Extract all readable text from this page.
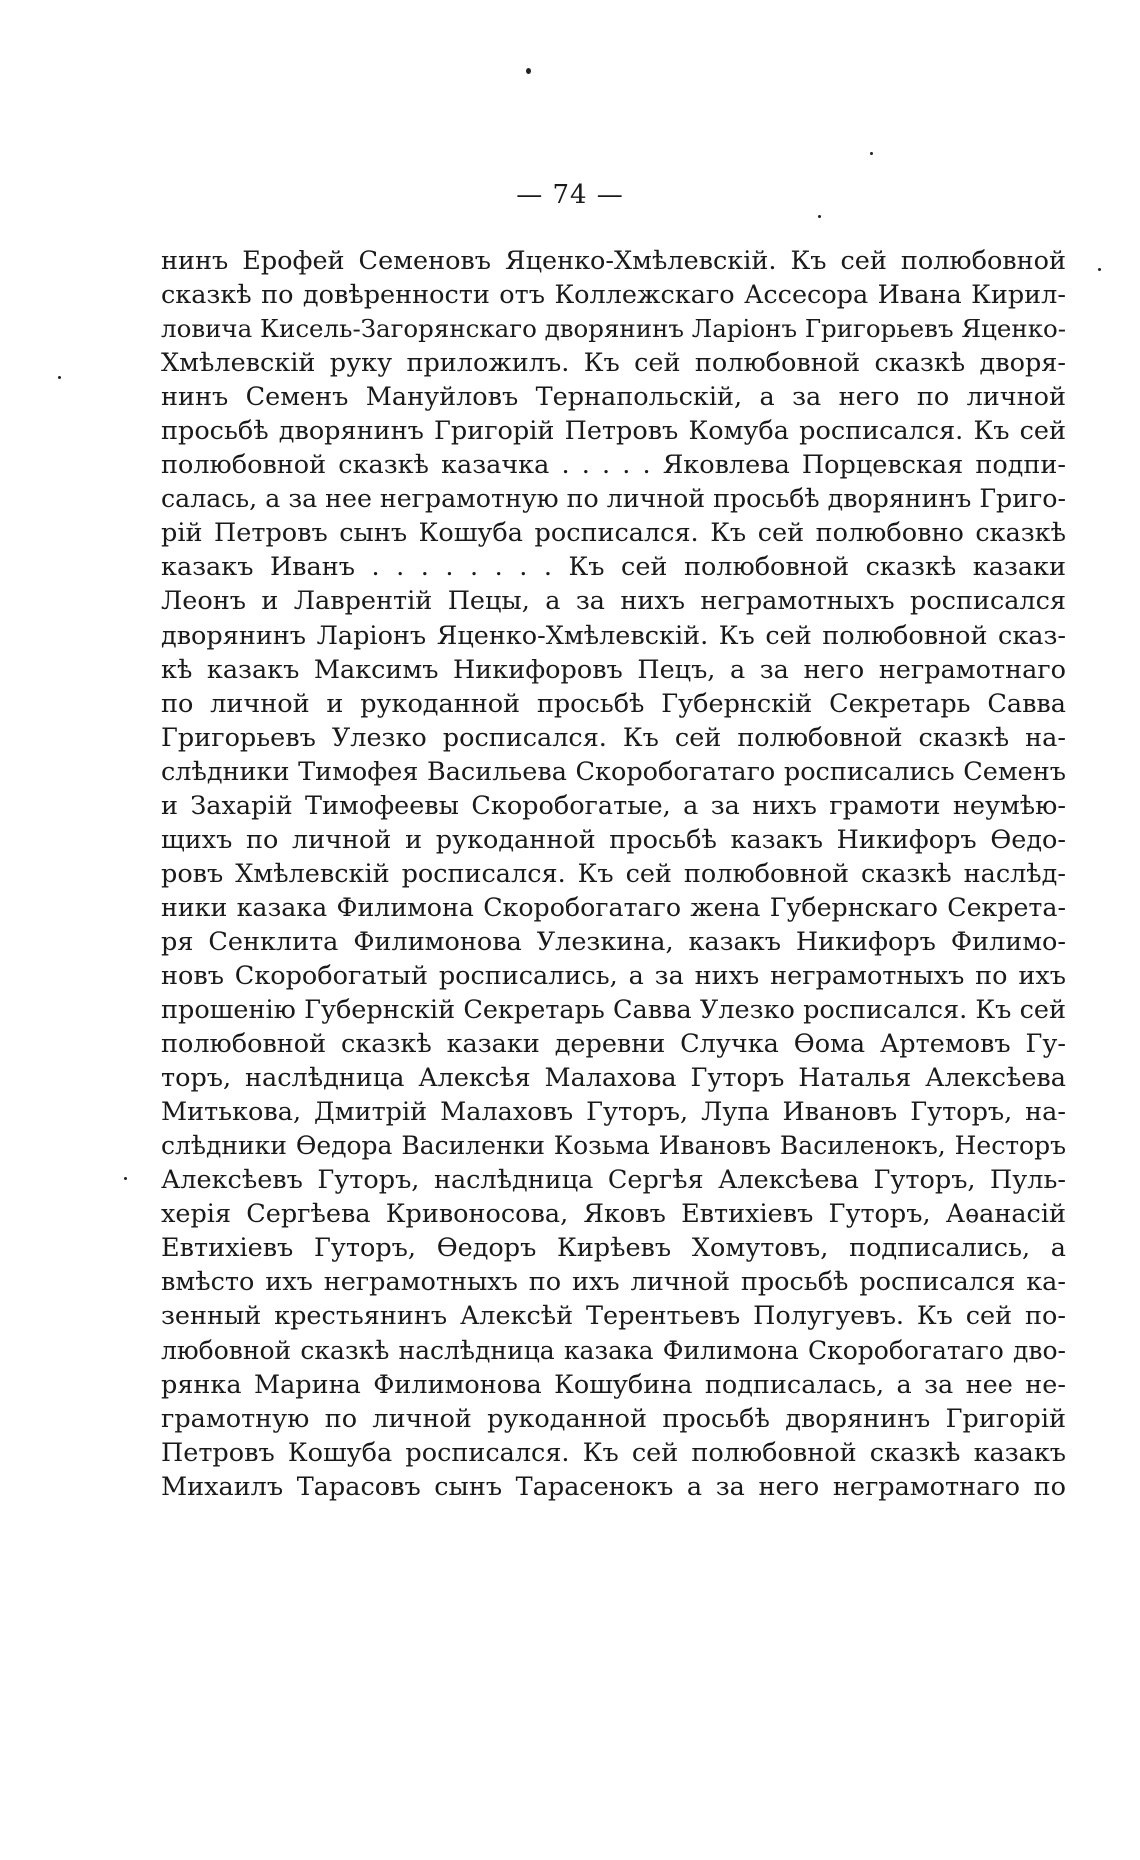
— 74 —
нинъ Ерофей Семеновъ Яценко-Хмѣлевскій. Къ сей полюбовной
сказкѣ по довѣренности отъ Коллежскаго Ассесора Ивана Кирил-
ловича Кисель-Загорянскаго дворянинъ Ларіонъ Григорьевъ Яценко-
Хмѣлевскій руку приложилъ. Къ сей полюбовной сказкѣ дворя-
нинъ Семенъ Мануйловъ Тернапольскій, а за него по личной
просьбѣ дворянинъ Григорій Петровъ Комуба росписался. Къ сей
полюбовной сказкѣ казачка . . . . . Яковлева Порцевская подпи-
салась, а за нее неграмотную по личной просьбѣ дворянинъ Григо-
рій Петровъ сынъ Кошуба росписался. Къ сей полюбовно сказкѣ
казакъ Иванъ . . . . . . . . Къ сей полюбовной сказкѣ казаки
Леонъ и Лаврентій Пецы, а за нихъ неграмотныхъ росписался
дворянинъ Ларіонъ Яценко-Хмѣлевскій. Къ сей полюбовной сказ-
кѣ казакъ Максимъ Никифоровъ Пецъ, а за него неграмотнаго
по личной и рукоданной просьбѣ Губернскій Секретарь Савва
Григорьевъ Улезко росписался. Къ сей полюбовной сказкѣ на-
слѣдники Тимофея Васильева Скоробогатаго росписались Семенъ
и Захарій Тимофеевы Скоробогатые, а за нихъ грамоти неумѣю-
щихъ по личной и рукоданной просьбѣ казакъ Никифоръ Ѳедо-
ровъ Хмѣлевскій росписался. Къ сей полюбовной сказкѣ наслѣд-
ники казака Филимона Скоробогатаго жена Губернскаго Секрета-
ря Сенклита Филимонова Улезкина, казакъ Никифоръ Филимо-
новъ Скоробогатый росписались, а за нихъ неграмотныхъ по ихъ
прошенію Губернскій Секретарь Савва Улезко росписался. Къ сей
полюбовной сказкѣ казаки деревни Случка Ѳома Артемовъ Гу-
торъ, наслѣдница Алексѣя Малахова Гуторъ Наталья Алексѣева
Митькова, Дмитрій Малаховъ Гуторъ, Лупа Ивановъ Гуторъ, на-
слѣдники Ѳедора Василенки Козьма Ивановъ Василенокъ, Несторъ
Алексѣевъ Гуторъ, наслѣдница Сергѣя Алексѣева Гуторъ, Пуль-
херія Сергѣева Кривоносова, Яковъ Евтихіевъ Гуторъ, Аѳанасій
Евтихіевъ Гуторъ, Ѳедоръ Кирѣевъ Хомутовъ, подписались, а
вмѣсто ихъ неграмотныхъ по ихъ личной просьбѣ росписался ка-
зенный крестьянинъ Алексѣй Терентьевъ Полугуевъ. Къ сей по-
любовной сказкѣ наслѣдница казака Филимона Скоробогатаго дво-
рянка Марина Филимонова Кошубина подписалась, а за нее не-
грамотную по личной рукоданной просьбѣ дворянинъ Григорій
Петровъ Кошуба росписался. Къ сей полюбовной сказкѣ казакъ
Михаилъ Тарасовъ сынъ Тарасенокъ а за него неграмотнаго по
